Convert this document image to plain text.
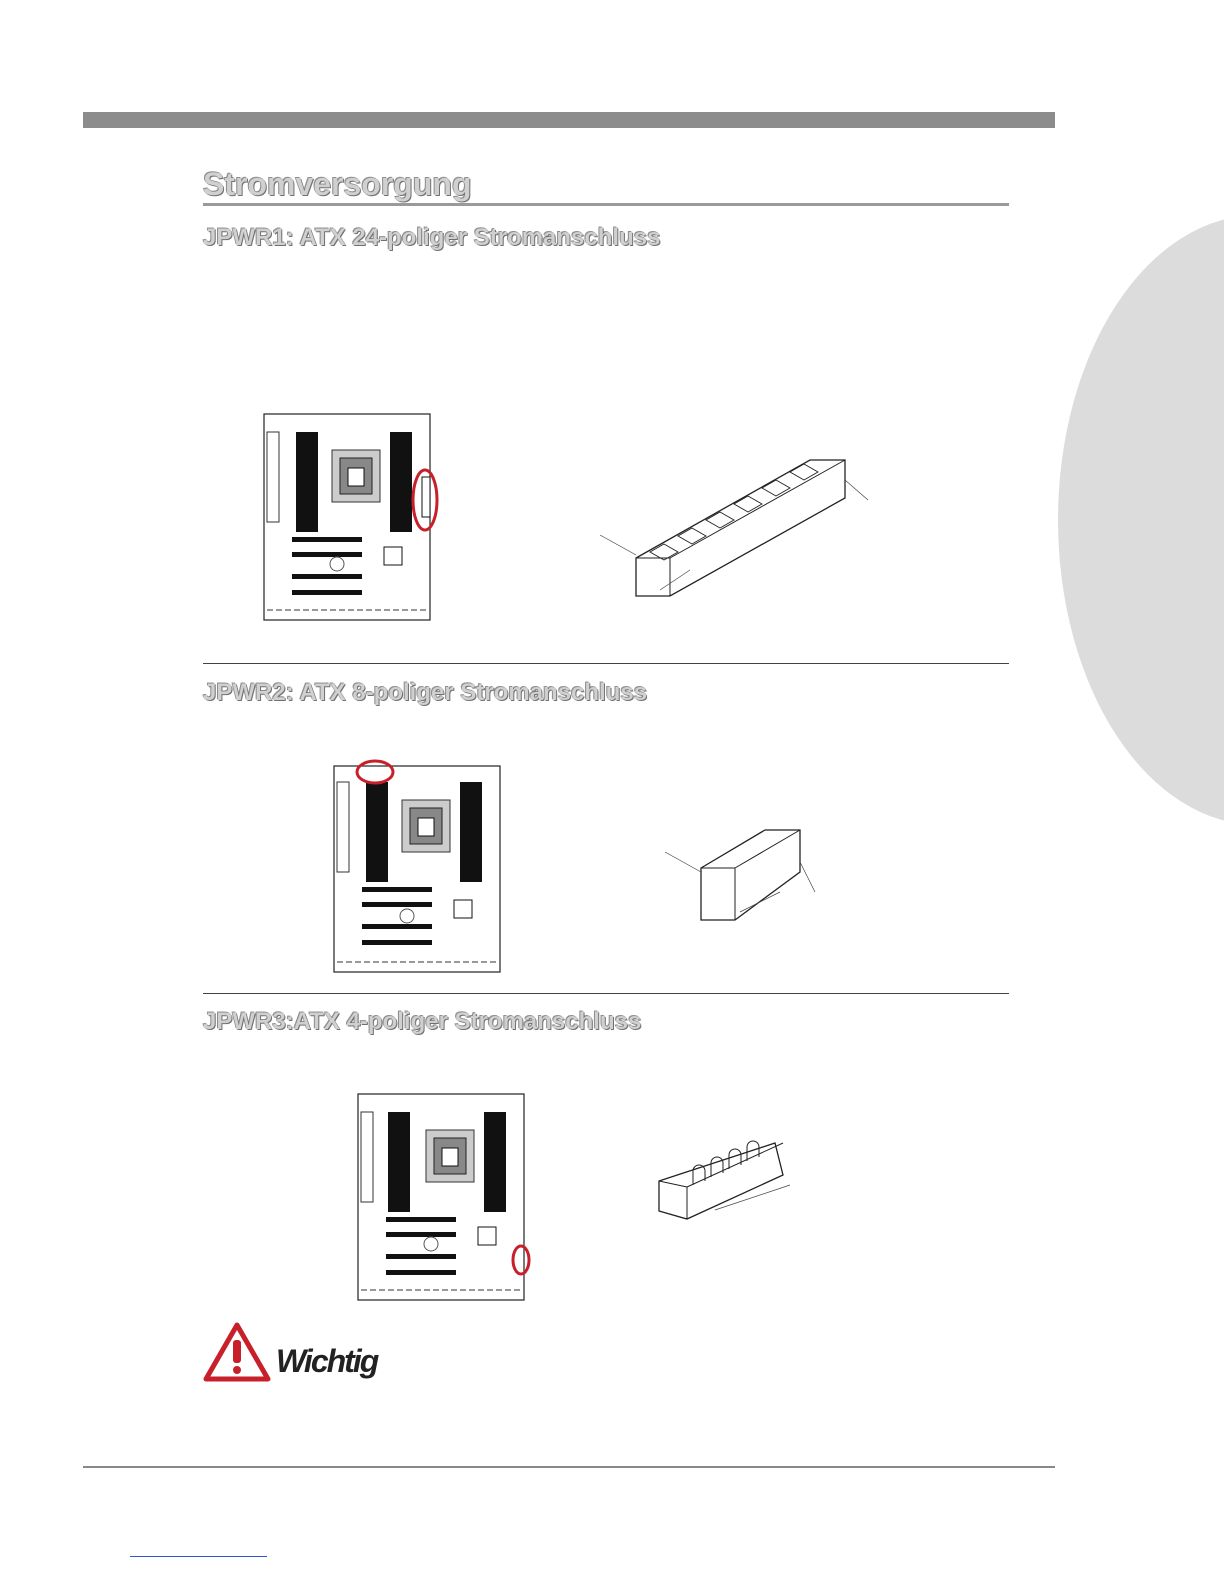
Stromversorgung
JPWR1: ATX 24-poliger Stromanschluss
JPWR2: ATX 8-poliger Stromanschluss
JPWR3:ATX 4-poliger Stromanschluss
Wichtig
